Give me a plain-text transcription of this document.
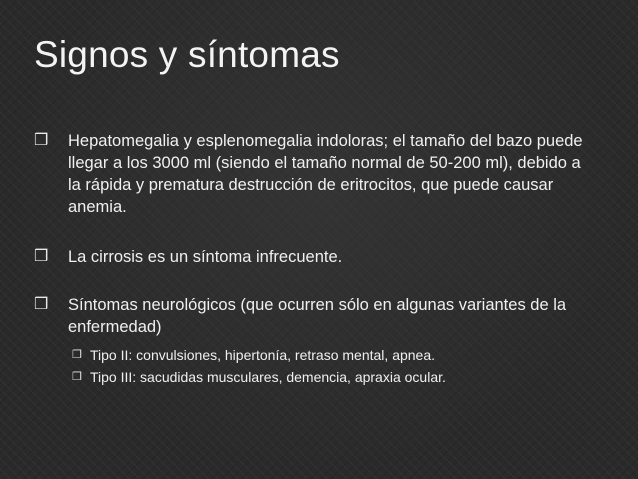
Signos y síntomas
❒ Hepatomegalia y esplenomegalia indoloras; el tamaño del bazo puede llegar a los 3000 ml (siendo el tamaño normal de 50-200 ml), debido a la rápida y prematura destrucción de eritrocitos, que puede causar anemia.
❒ La cirrosis es un síntoma infrecuente.
❒ Síntomas neurológicos (que ocurren sólo en algunas variantes de la enfermedad)
❒ Tipo II: convulsiones, hipertonía, retraso mental, apnea.
❒ Tipo III: sacudidas musculares, demencia, apraxia ocular.
